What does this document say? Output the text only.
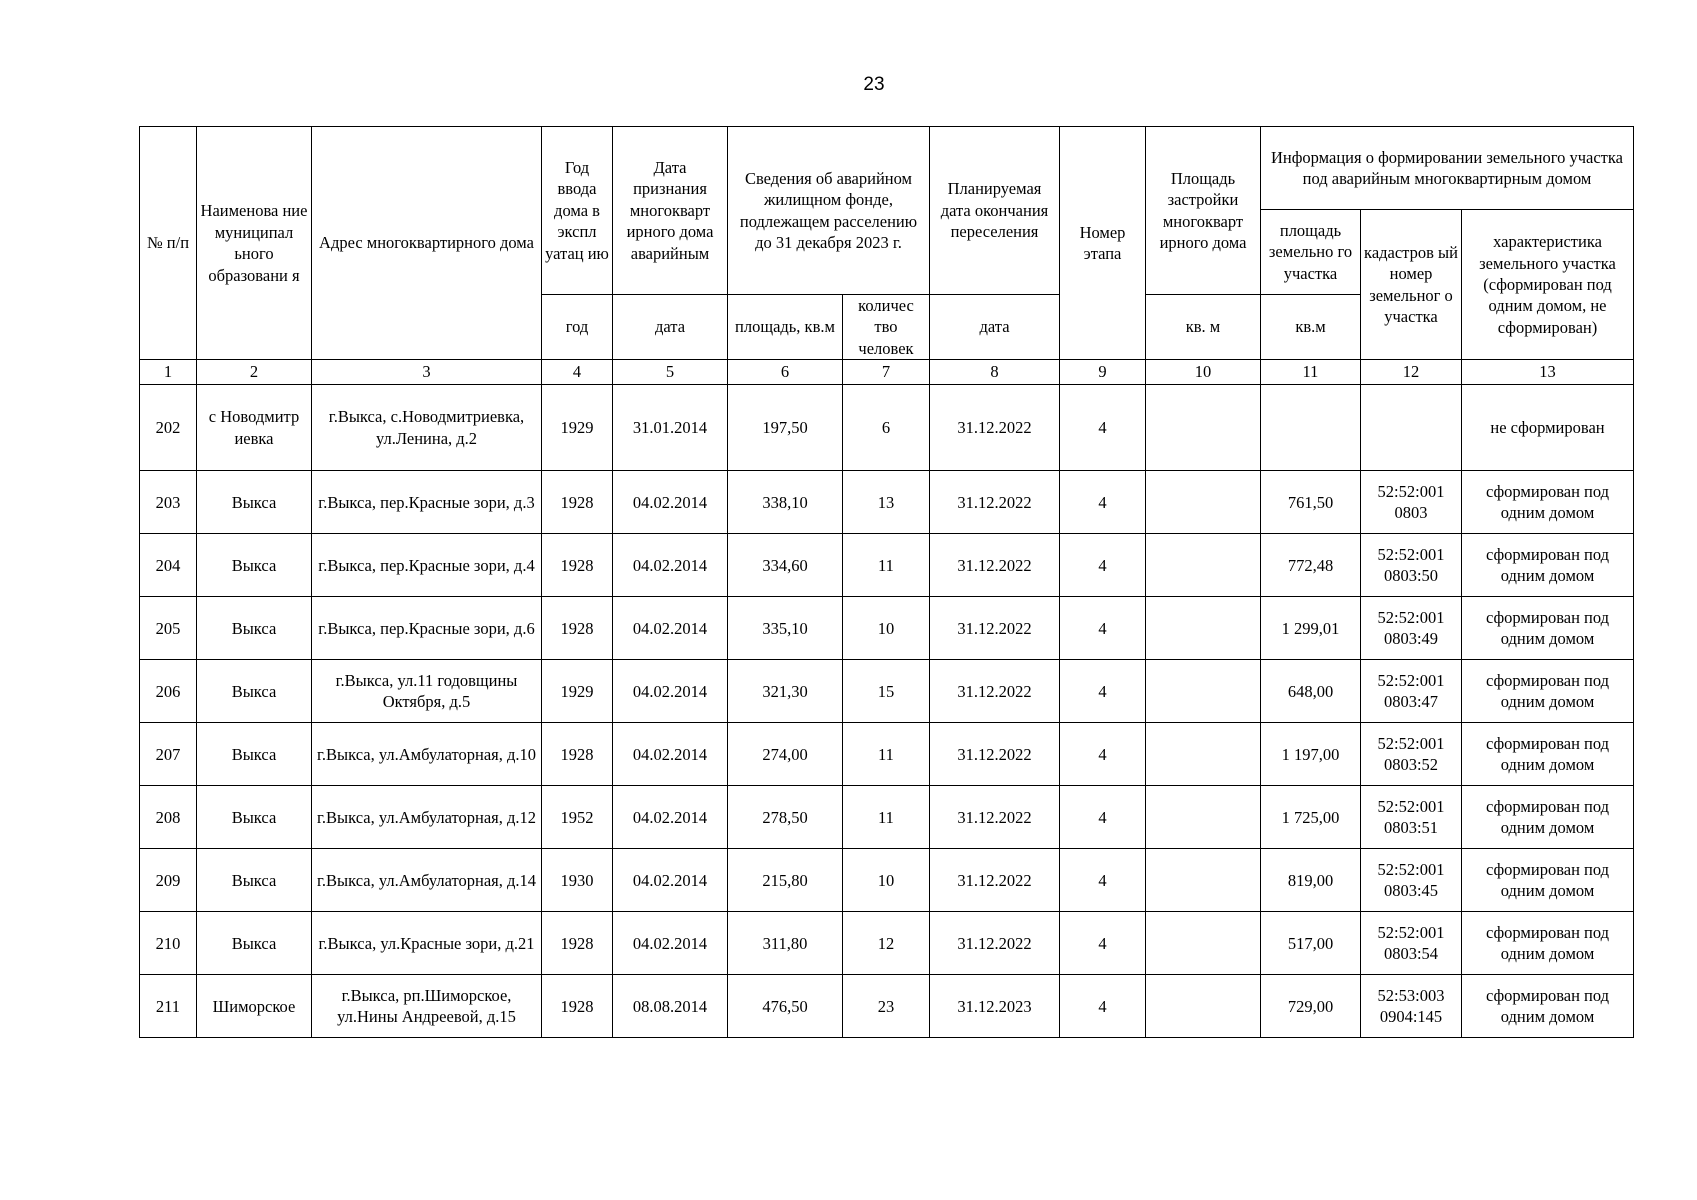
23
№ п/п	Наименова ние муниципал ьного образовани я	Адрес многоквартирного дома	Год ввода дома в экспл уатац ию	Дата признания многокварт ирного дома аварийным	Сведения об аварийном жилищном фонде, подлежащем расселению до 31 декабря 2023 г.		Планируемая дата окончания переселения	Номер этапа	Площадь застройки многокварт ирного дома	Информация о формировании земельного участка под аварийным многоквартирным домом		
										площадь земельно го участка	кадастров ый номер земельног о участка	характеристика земельного участка (сформирован под одним домом, не сформирован)
			год	дата	площадь, кв.м	количес тво человек	дата		кв. м	кв.м		
1	2	3	4	5	6	7	8	9	10	11	12	13
202	с Новодмитр иевка	г.Выкса, с.Новодмитриевка, ул.Ленина, д.2	1929	31.01.2014	197,50	6	31.12.2022	4				не сформирован
203	Выкса	г.Выкса, пер.Красные зори, д.3	1928	04.02.2014	338,10	13	31.12.2022	4		761,50	52:52:001 0803	сформирован под одним домом
204	Выкса	г.Выкса, пер.Красные зори, д.4	1928	04.02.2014	334,60	11	31.12.2022	4		772,48	52:52:001 0803:50	сформирован под одним домом
205	Выкса	г.Выкса, пер.Красные зори, д.6	1928	04.02.2014	335,10	10	31.12.2022	4		1 299,01	52:52:001 0803:49	сформирован под одним домом
206	Выкса	г.Выкса, ул.11 годовщины Октября, д.5	1929	04.02.2014	321,30	15	31.12.2022	4		648,00	52:52:001 0803:47	сформирован под одним домом
207	Выкса	г.Выкса, ул.Амбулаторная, д.10	1928	04.02.2014	274,00	11	31.12.2022	4		1 197,00	52:52:001 0803:52	сформирован под одним домом
208	Выкса	г.Выкса, ул.Амбулаторная, д.12	1952	04.02.2014	278,50	11	31.12.2022	4		1 725,00	52:52:001 0803:51	сформирован под одним домом
209	Выкса	г.Выкса, ул.Амбулаторная, д.14	1930	04.02.2014	215,80	10	31.12.2022	4		819,00	52:52:001 0803:45	сформирован под одним домом
210	Выкса	г.Выкса, ул.Красные зори, д.21	1928	04.02.2014	311,80	12	31.12.2022	4		517,00	52:52:001 0803:54	сформирован под одним домом
211	Шиморское	г.Выкса, рп.Шиморское, ул.Нины Андреевой, д.15	1928	08.08.2014	476,50	23	31.12.2023	4		729,00	52:53:003 0904:145	сформирован под одним домом
